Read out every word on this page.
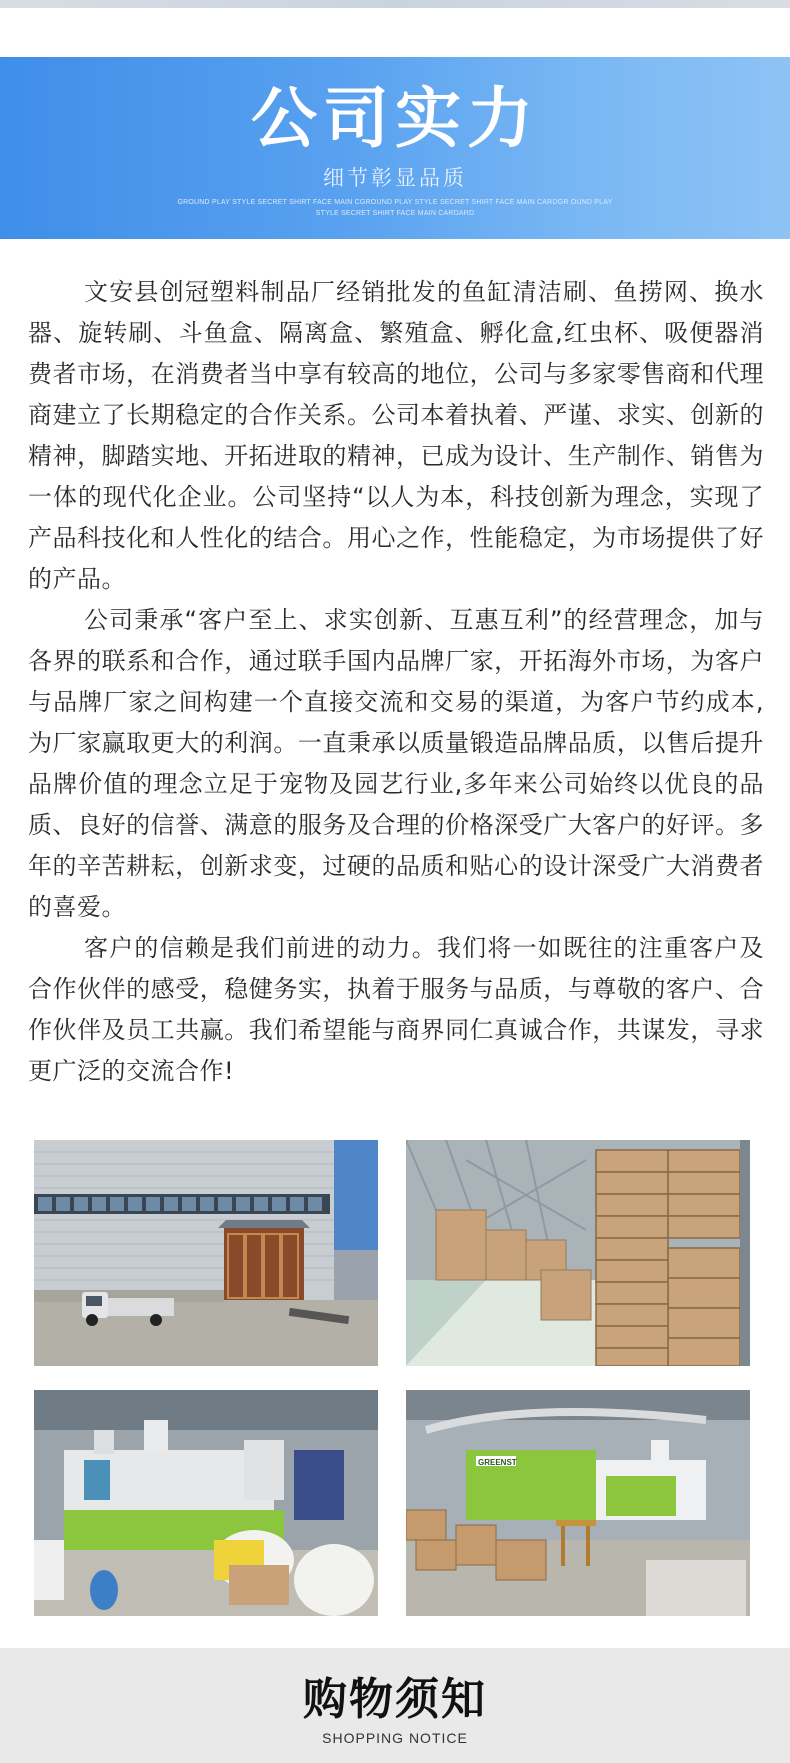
公司实力
细节彰显品质
GROUND PLAY STYLE SECRET SHIRT FACE MAIN CGROUND PLAY STYLE SECRET SHIRT FACE MAIN CARDGR OUND PLAY STYLE SECRET SHIRT FACE MAIN CARDARD

文安县创冠塑料制品厂经销批发的鱼缸清洁刷、鱼捞网、换水器、旋转刷、斗鱼盒、隔离盒、繁殖盒、孵化盒,红虫杯、吸便器消费者市场，在消费者当中享有较高的地位，公司与多家零售商和代理商建立了长期稳定的合作关系。公司本着执着、严谨、求实、创新的精神，脚踏实地、开拓进取的精神，已成为设计、生产制作、销售为一体的现代化企业。公司坚持“以人为本，科技创新为理念，实现了产品科技化和人性化的结合。用心之作，性能稳定，为市场提供了好的产品。

公司秉承“客户至上、求实创新、互惠互利”的经营理念，加与各界的联系和合作，通过联手国内品牌厂家，开拓海外市场，为客户与品牌厂家之间构建一个直接交流和交易的渠道，为客户节约成本,为厂家赢取更大的利润。一直秉承以质量锻造品牌品质，以售后提升品牌价值的理念立足于宠物及园艺行业,多年来公司始终以优良的品质、良好的信誉、满意的服务及合理的价格深受广大客户的好评。多年的辛苦耕耘，创新求变，过硬的品质和贴心的设计深受广大消费者的喜爱。

客户的信赖是我们前进的动力。我们将一如既往的注重客户及合作伙伴的感受，稳健务实，执着于服务与品质，与尊敬的客户、合作伙伴及员工共赢。我们希望能与商界同仁真诚合作，共谋发，寻求更广泛的交流合作!

GREENST
购物须知
SHOPPING NOTICE
